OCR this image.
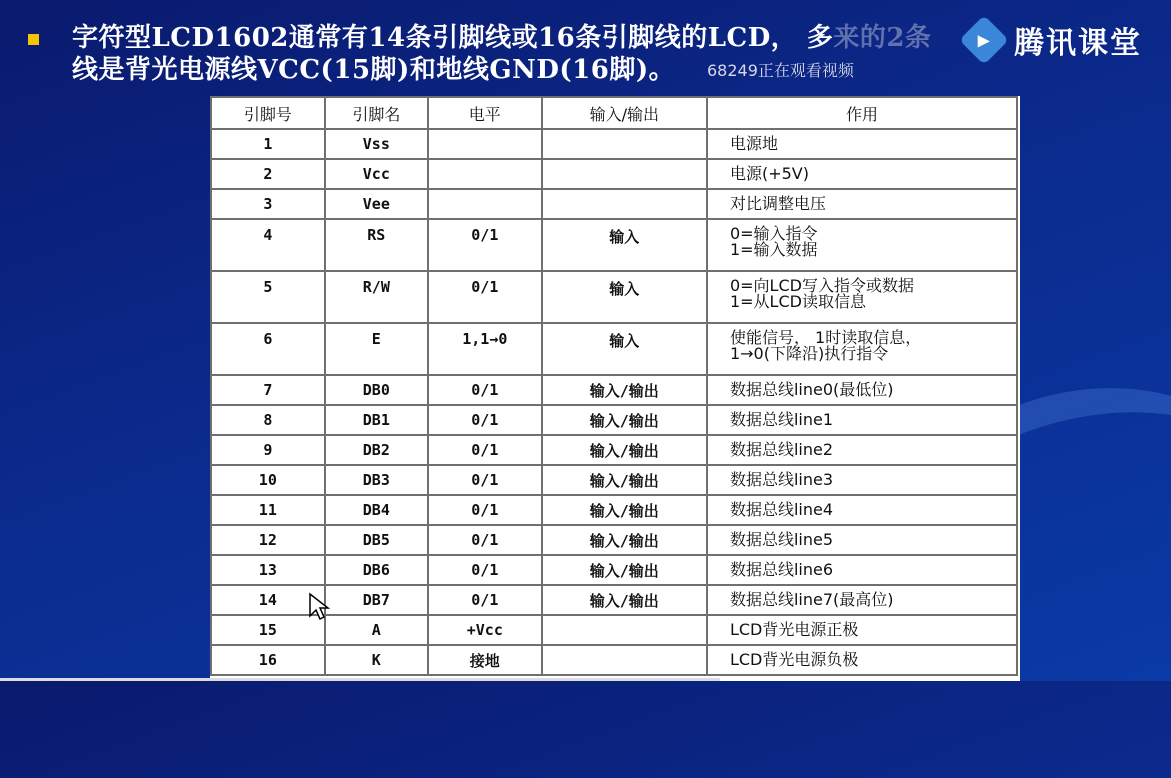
字符型LCD1602通常有14条引脚线或16条引脚线的LCD， 多来的2条
线是背光电源线VCC(15脚)和地线GND(16脚)。	68249正在观看视频
▶ 腾讯课堂
引脚号	引脚名	电平	输入/输出	作用
1	Vss			电源地

2	Vcc			电源(+5V)

3	Vee			对比调整电压

4	RS	0/1	输入	0=输入指令
1=输入数据

5	R/W	0/1	输入	0=向LCD写入指令或数据
1=从LCD读取信息

6	E	1,1→0	输入	使能信号， 1时读取信息，
1→0(下降沿)执行指令

7	DB0	0/1	输入/输出	数据总线line0(最低位)

8	DB1	0/1	输入/输出	数据总线line1

9	DB2	0/1	输入/输出	数据总线line2

10	DB3	0/1	输入/输出	数据总线line3

11	DB4	0/1	输入/输出	数据总线line4

12	DB5	0/1	输入/输出	数据总线line5

13	DB6	0/1	输入/输出	数据总线line6

14	DB7	0/1	输入/输出	数据总线line7(最高位)

15	A	+Vcc		LCD背光电源正极

16	K	接地		LCD背光电源负极
